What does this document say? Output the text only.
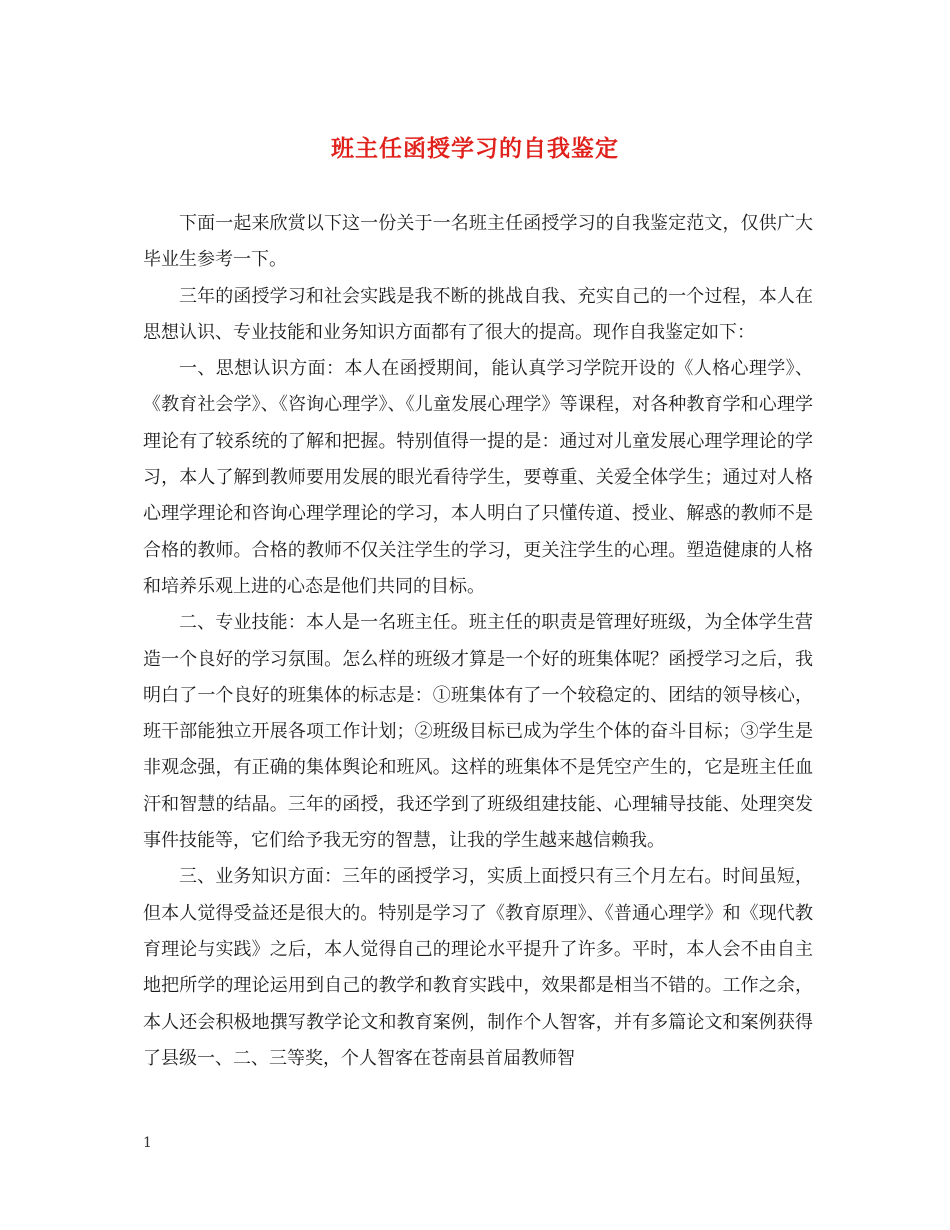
班主任函授学习的自我鉴定

下面一起来欣赏以下这一份关于一名班主任函授学习的自我鉴定范文，仅供广大毕业生参考一下。

三年的函授学习和社会实践是我不断的挑战自我、充实自己的一个过程，本人在思想认识、专业技能和业务知识方面都有了很大的提高。现作自我鉴定如下：

一、思想认识方面：本人在函授期间，能认真学习学院开设的《人格心理学》、《教育社会学》、《咨询心理学》、《儿童发展心理学》等课程，对各种教育学和心理学理论有了较系统的了解和把握。特别值得一提的是：通过对儿童发展心理学理论的学习，本人了解到教师要用发展的眼光看待学生，要尊重、关爱全体学生；通过对人格心理学理论和咨询心理学理论的学习，本人明白了只懂传道、授业、解惑的教师不是合格的教师。合格的教师不仅关注学生的学习，更关注学生的心理。塑造健康的人格和培养乐观上进的心态是他们共同的目标。

二、专业技能：本人是一名班主任。班主任的职责是管理好班级，为全体学生营造一个良好的学习氛围。怎么样的班级才算是一个好的班集体呢？函授学习之后，我明白了一个良好的班集体的标志是：①班集体有了一个较稳定的、团结的领导核心，班干部能独立开展各项工作计划；②班级目标已成为学生个体的奋斗目标；③学生是非观念强，有正确的集体舆论和班风。这样的班集体不是凭空产生的，它是班主任血汗和智慧的结晶。三年的函授，我还学到了班级组建技能、心理辅导技能、处理突发事件技能等，它们给予我无穷的智慧，让我的学生越来越信赖我。

三、业务知识方面：三年的函授学习，实质上面授只有三个月左右。时间虽短，但本人觉得受益还是很大的。特别是学习了《教育原理》、《普通心理学》和《现代教育理论与实践》之后，本人觉得自己的理论水平提升了许多。平时，本人会不由自主地把所学的理论运用到自己的教学和教育实践中，效果都是相当不错的。工作之余，本人还会积极地撰写教学论文和教育案例，制作个人智客，并有多篇论文和案例获得了县级一、二、三等奖，个人智客在苍南县首届教师智

1
